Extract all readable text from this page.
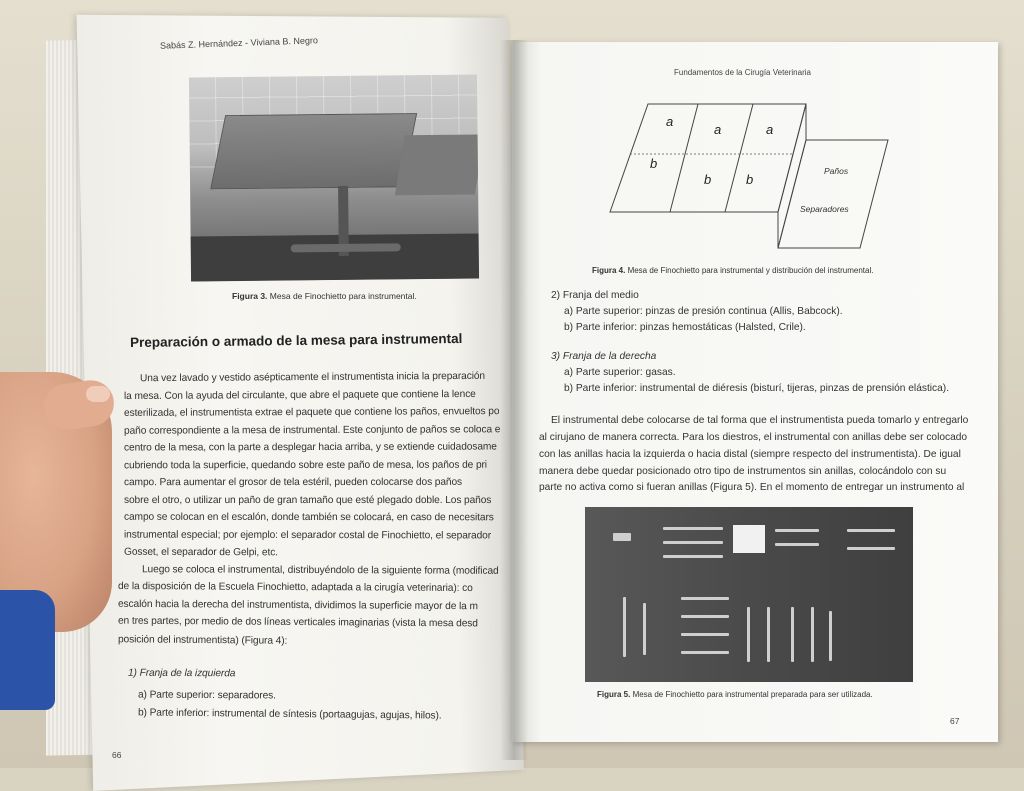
Sabás Z. Hernández - Viviana B. Negro
Figura 3. Mesa de Finochietto para instrumental.
Preparación o armado de la mesa para instrumental
Una vez lavado y vestido asépticamente el instrumentista inicia la preparación
la mesa. Con la ayuda del circulante, que abre el paquete que contiene la lence
esterilizada, el instrumentista extrae el paquete que contiene los paños, envueltos po
paño correspondiente a la mesa de instrumental. Este conjunto de paños se coloca e
centro de la mesa, con la parte a desplegar hacia arriba, y se extiende cuidadosame
cubriendo toda la superficie, quedando sobre este paño de mesa, los paños de pri
campo. Para aumentar el grosor de tela estéril, pueden colocarse dos paños
sobre el otro, o utilizar un paño de gran tamaño que esté plegado doble. Los paños
campo se colocan en el escalón, donde también se colocará, en caso de necesitars
instrumental especial; por ejemplo: el separador costal de Finochietto, el separador
Gosset, el separador de Gelpi, etc.
Luego se coloca el instrumental, distribuyéndolo de la siguiente forma (modificad
de la disposición de la Escuela Finochietto, adaptada a la cirugía veterinaria): co
escalón hacia la derecha del instrumentista, dividimos la superficie mayor de la m
en tres partes, por medio de dos líneas verticales imaginarias (vista la mesa desd
posición del instrumentista) (Figura 4):
1) Franja de la izquierda
a) Parte superior: separadores.
b) Parte inferior: instrumental de síntesis (portaagujas, agujas, hilos).
66
Fundamentos de la Cirugía Veterinaria
a
a	a
b
b	b
Paños
Separadores
Figura 4. Mesa de Finochietto para instrumental y distribución del instrumental.
2) Franja del medio
a) Parte superior: pinzas de presión continua (Allis, Babcock).
b) Parte inferior: pinzas hemostáticas (Halsted, Crile).
3) Franja de la derecha
a) Parte superior: gasas.
b) Parte inferior: instrumental de diéresis (bisturí, tijeras, pinzas de prensión elástica).
El instrumental debe colocarse de tal forma que el instrumentista pueda tomarlo y entregarlo
al cirujano de manera correcta. Para los diestros, el instrumental con anillas debe ser colocado
con las anillas hacia la izquierda o hacia distal (siempre respecto del instrumentista). De igual
manera debe quedar posicionado otro tipo de instrumentos sin anillas, colocándolo con su
parte no activa como si fueran anillas (Figura 5). En el momento de entregar un instrumento al
Figura 5. Mesa de Finochietto para instrumental preparada para ser utilizada.
67
